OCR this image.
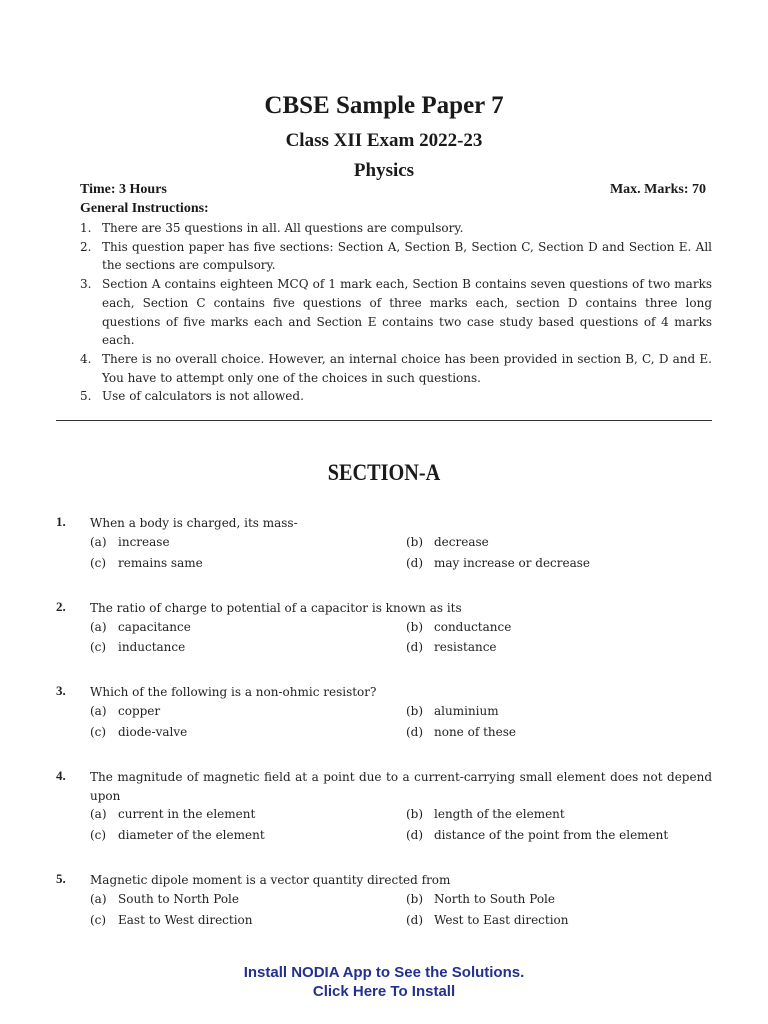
CBSE Sample Paper 7
Class XII Exam 2022-23
Physics
Time: 3 Hours	Max. Marks: 70
General Instructions:
1. There are 35 questions in all. All questions are compulsory.
2. This question paper has five sections: Section A, Section B, Section C, Section D and Section E. All the sections are compulsory.
3. Section A contains eighteen MCQ of 1 mark each, Section B contains seven questions of two marks each, Section C contains five questions of three marks each, section D contains three long questions of five marks each and Section E contains two case study based questions of 4 marks each.
4. There is no overall choice. However, an internal choice has been provided in section B, C, D and E. You have to attempt only one of the choices in such questions.
5. Use of calculators is not allowed.
SECTION-A
1. When a body is charged, its mass-
(a) increase	(b) decrease
(c) remains same	(d) may increase or decrease
2. The ratio of charge to potential of a capacitor is known as its
(a) capacitance	(b) conductance
(c) inductance	(d) resistance
3. Which of the following is a non-ohmic resistor?
(a) copper	(b) aluminium
(c) diode-valve	(d) none of these
4. The magnitude of magnetic field at a point due to a current-carrying small element does not depend upon
(a) current in the element	(b) length of the element
(c) diameter of the element	(d) distance of the point from the element
5. Magnetic dipole moment is a vector quantity directed from
(a) South to North Pole	(b) North to South Pole
(c) East to West direction	(d) West to East direction
Install NODIA App to See the Solutions.
Click Here To Install
